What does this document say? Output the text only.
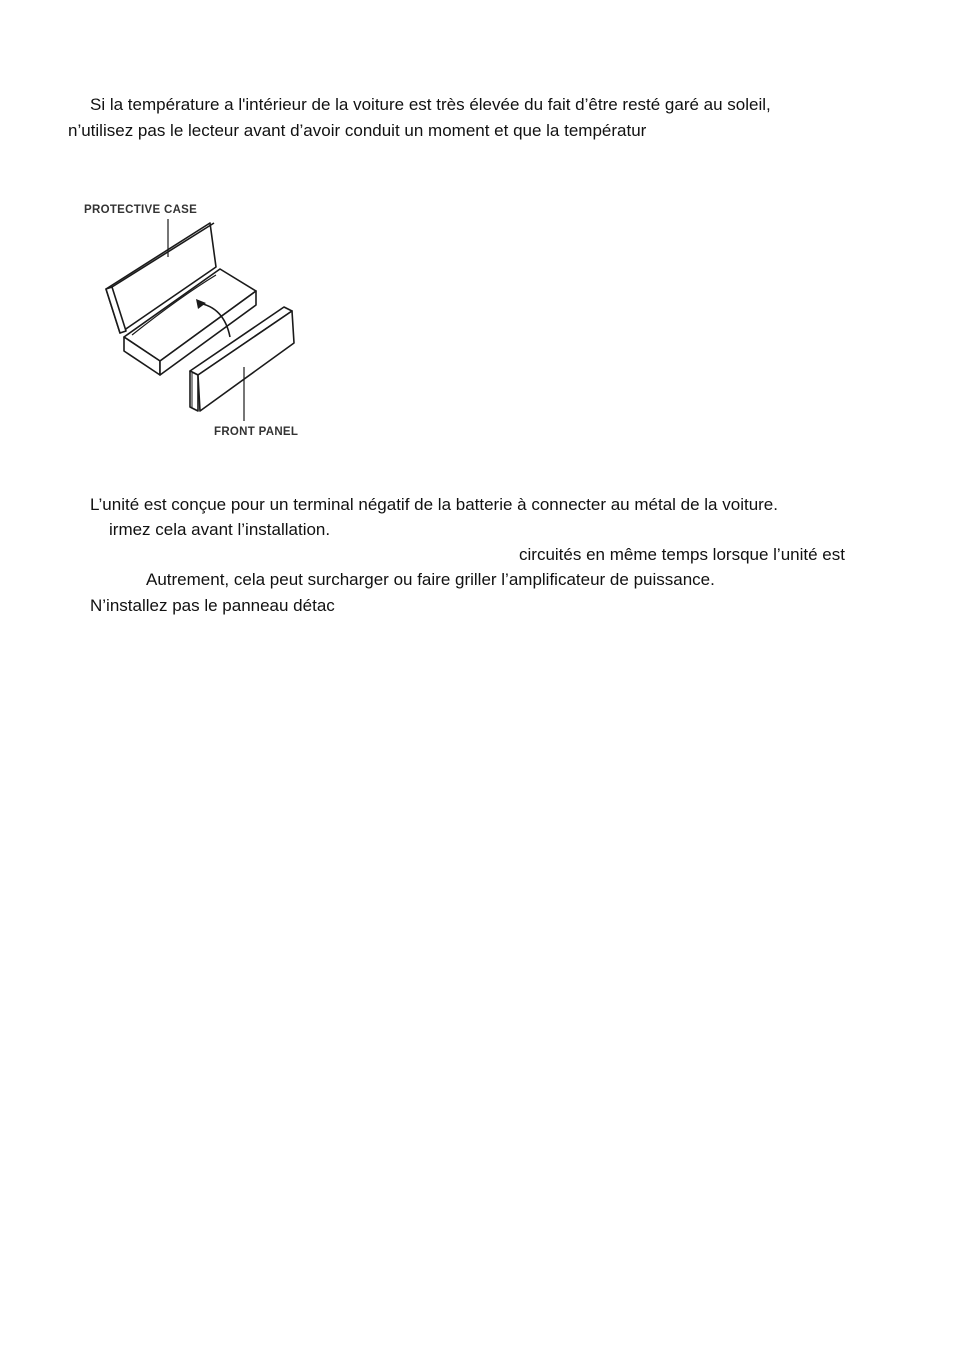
Si la température a l'intérieur de la voiture est très élevée du fait d’être resté garé au soleil,

n’utilisez pas le lecteur avant d’avoir conduit un moment et que la températur

PROTECTIVE CASE
FRONT PANEL

L’unité est conçue pour un terminal négatif de la batterie à connecter au métal de la voiture.

irmez cela avant l’installation.

circuités en même temps lorsque l’unité est

Autrement, cela peut surcharger ou faire griller l’amplificateur de puissance.

N’installez pas le panneau détac
